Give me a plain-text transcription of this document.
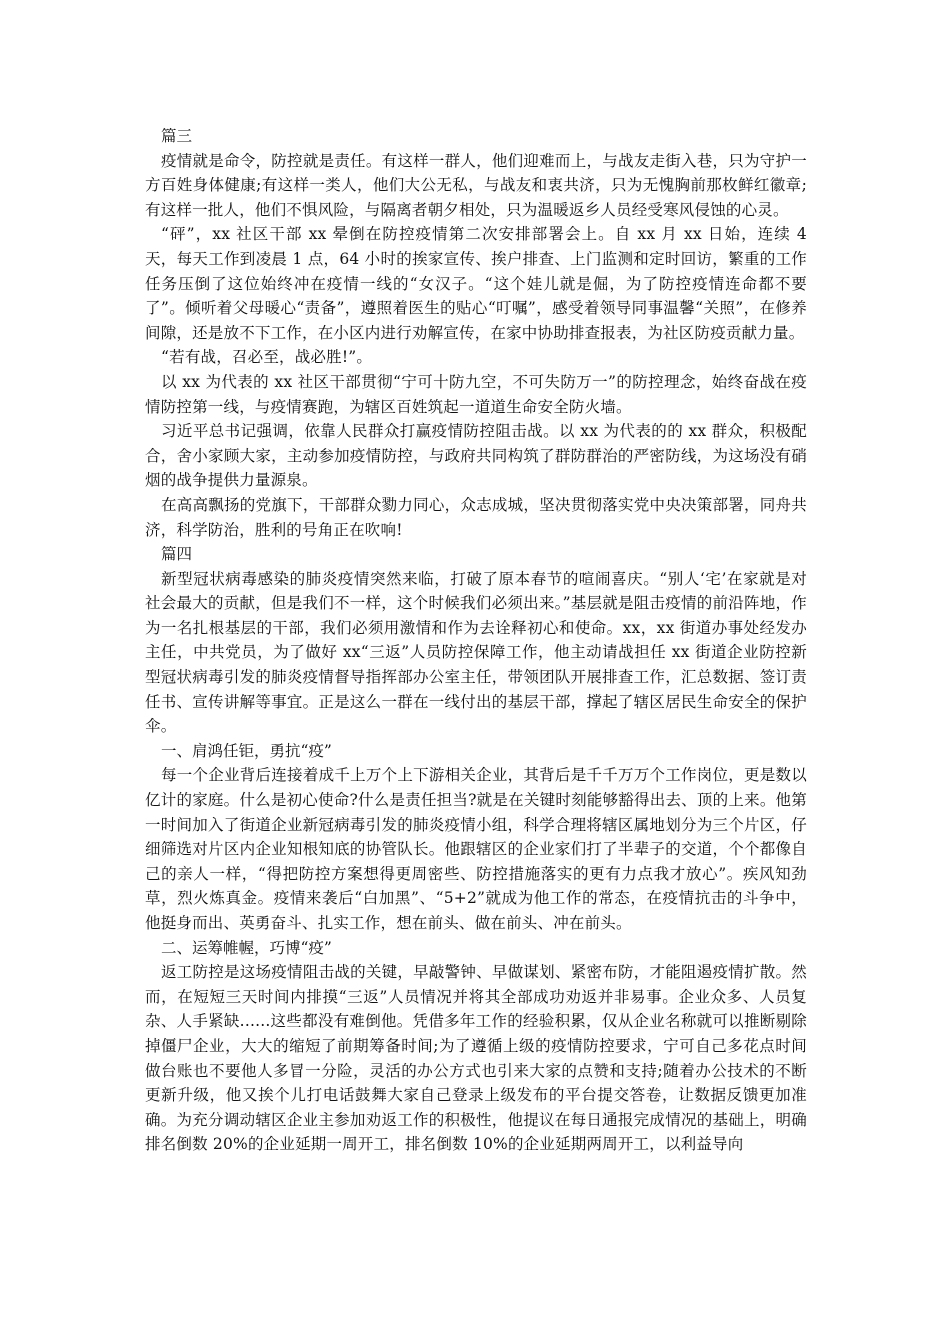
篇三

疫情就是命令，防控就是责任。有这样一群人，他们迎难而上，与战友走街入巷，只为守护一方百姓身体健康;有这样一类人，他们大公无私，与战友和衷共济，只为无愧胸前那枚鲜红徽章;有这样一批人，他们不惧风险，与隔离者朝夕相处，只为温暖返乡人员经受寒风侵蚀的心灵。

“砰”，xx 社区干部 xx 晕倒在防控疫情第二次安排部署会上。自 xx 月 xx 日始，连续 4 天，每天工作到凌晨 1 点，64 小时的挨家宣传、挨户排查、上门监测和定时回访，繁重的工作任务压倒了这位始终冲在疫情一线的“女汉子。“这个娃儿就是倔，为了防控疫情连命都不要了”。倾听着父母暖心“责备”，遵照着医生的贴心“叮嘱”，感受着领导同事温馨“关照”，在修养间隙，还是放不下工作，在小区内进行劝解宣传，在家中协助排查报表，为社区防疫贡献力量。

“若有战，召必至，战必胜!”。

以 xx 为代表的 xx 社区干部贯彻“宁可十防九空，不可失防万一”的防控理念，始终奋战在疫情防控第一线，与疫情赛跑，为辖区百姓筑起一道道生命安全防火墙。

习近平总书记强调，依靠人民群众打赢疫情防控阻击战。以 xx 为代表的的 xx 群众，积极配合，舍小家顾大家，主动参加疫情防控，与政府共同构筑了群防群治的严密防线，为这场没有硝烟的战争提供力量源泉。

在高高飘扬的党旗下，干部群众勠力同心，众志成城，坚决贯彻落实党中央决策部署，同舟共济，科学防治，胜利的号角正在吹响!

篇四

新型冠状病毒感染的肺炎疫情突然来临，打破了原本春节的喧闹喜庆。“别人‘宅’在家就是对社会最大的贡献，但是我们不一样，这个时候我们必须出来。”基层就是阻击疫情的前沿阵地，作为一名扎根基层的干部，我们必须用激情和作为去诠释初心和使命。xx，xx 街道办事处经发办主任，中共党员，为了做好 xx“三返”人员防控保障工作，他主动请战担任 xx 街道企业防控新型冠状病毒引发的肺炎疫情督导指挥部办公室主任，带领团队开展排查工作，汇总数据、签订责任书、宣传讲解等事宜。正是这么一群在一线付出的基层干部，撑起了辖区居民生命安全的保护伞。

一、肩鸿任钜，勇抗“疫”

每一个企业背后连接着成千上万个上下游相关企业，其背后是千千万万个工作岗位，更是数以亿计的家庭。什么是初心使命?什么是责任担当?就是在关键时刻能够豁得出去、顶的上来。他第一时间加入了街道企业新冠病毒引发的肺炎疫情小组，科学合理将辖区属地划分为三个片区，仔细筛选对片区内企业知根知底的协管队长。他跟辖区的企业家们打了半辈子的交道，个个都像自己的亲人一样，“得把防控方案想得更周密些、防控措施落实的更有力点我才放心”。疾风知劲草，烈火炼真金。疫情来袭后“白加黑”、“5+2”就成为他工作的常态，在疫情抗击的斗争中，他挺身而出、英勇奋斗、扎实工作，想在前头、做在前头、冲在前头。

二、运筹帷幄，巧博“疫”

返工防控是这场疫情阻击战的关键，早敲警钟、早做谋划、紧密布防，才能阻遏疫情扩散。然而，在短短三天时间内排摸“三返”人员情况并将其全部成功劝返并非易事。企业众多、人员复杂、人手紧缺......这些都没有难倒他。凭借多年工作的经验积累，仅从企业名称就可以推断剔除掉僵尸企业，大大的缩短了前期筹备时间;为了遵循上级的疫情防控要求，宁可自己多花点时间做台账也不要他人多冒一分险，灵活的办公方式也引来大家的点赞和支持;随着办公技术的不断更新升级，他又挨个儿打电话鼓舞大家自己登录上级发布的平台提交答卷，让数据反馈更加准确。为充分调动辖区企业主参加劝返工作的积极性，他提议在每日通报完成情况的基础上，明确排名倒数 20%的企业延期一周开工，排名倒数 10%的企业延期两周开工，以利益导向
